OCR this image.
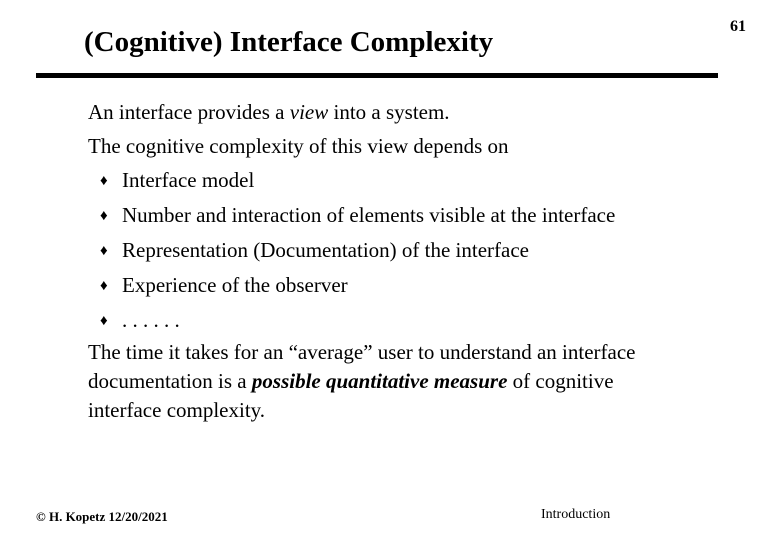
61
(Cognitive) Interface Complexity
An interface provides a view into a system.
The cognitive complexity of this view depends on
♦ Interface model
♦ Number and interaction of elements visible at the interface
♦ Representation (Documentation) of the interface
♦ Experience of the observer
♦ . . . . . .

The time it takes for an “average” user to understand an interface

documentation is a possible quantitative measure of cognitive

interface complexity.

© H. Kopetz 12/20/2021	Introduction
